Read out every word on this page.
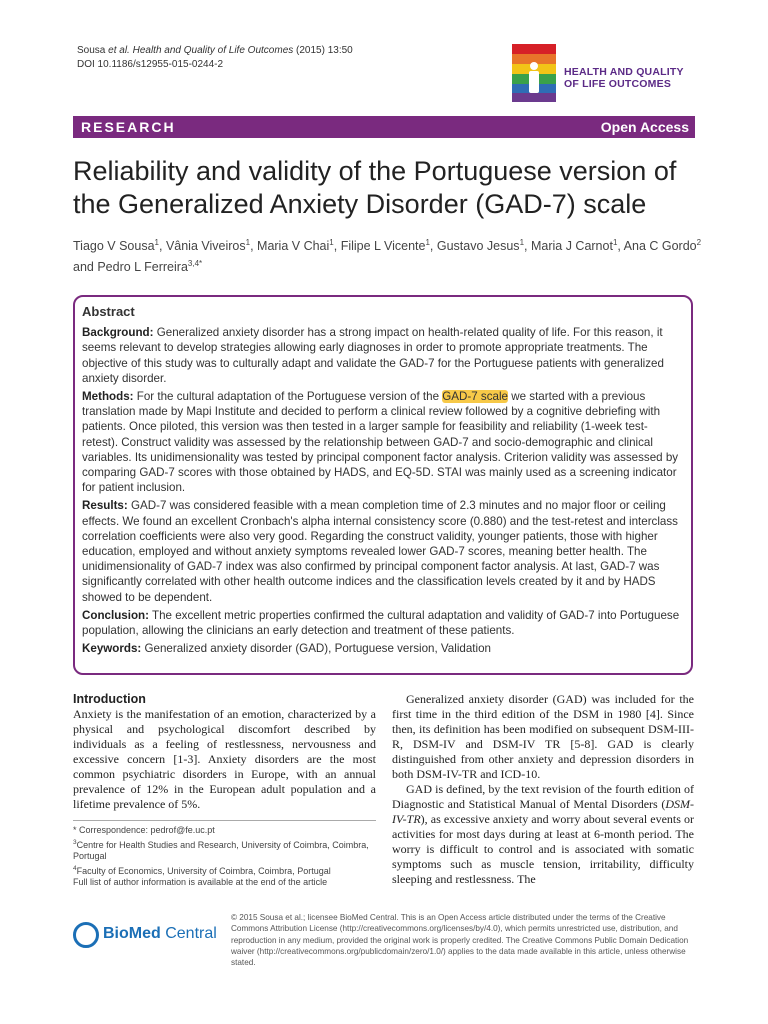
Sousa et al. Health and Quality of Life Outcomes (2015) 13:50
DOI 10.1186/s12955-015-0244-2
HEALTH AND QUALITY
OF LIFE OUTCOMES
RESEARCH	Open Access
Reliability and validity of the Portuguese version of the Generalized Anxiety Disorder (GAD-7) scale
Tiago V Sousa$^1$, Vânia Viveiros$^1$, Maria V Chai$^1$, Filipe L Vicente$^1$, Gustavo Jesus$^1$, Maria J Carnot$^1$, Ana C Gordo$^2$
and Pedro L Ferreira$^{3,4*}$

Abstract

Background: Generalized anxiety disorder has a strong impact on health-related quality of life. For this reason, it seems relevant to develop strategies allowing early diagnoses in order to promote appropriate treatments. The objective of this study was to culturally adapt and validate the GAD-7 for the Portuguese patients with generalized anxiety disorder.

Methods: For the cultural adaptation of the Portuguese version of the GAD-7 scale we started with a previous translation made by Mapi Institute and decided to perform a clinical review followed by a cognitive debriefing with patients. Once piloted, this version was then tested in a larger sample for feasibility and reliability (1-week test-retest). Construct validity was assessed by the relationship between GAD-7 and socio-demographic and clinical variables. Its unidimensionality was tested by principal component factor analysis. Criterion validity was assessed by comparing GAD-7 scores with those obtained by HADS, and EQ-5D. STAI was mainly used as a screening indicator for patient inclusion.

Results: GAD-7 was considered feasible with a mean completion time of 2.3 minutes and no major floor or ceiling effects. We found an excellent Cronbach's alpha internal consistency score (0.880) and the test-retest and interclass correlation coefficients were also very good. Regarding the construct validity, younger patients, those with higher education, employed and without anxiety symptoms revealed lower GAD-7 scores, meaning better health. The unidimensionality of GAD-7 index was also confirmed by principal component factor analysis. At last, GAD-7 was significantly correlated with other health outcome indices and the classification levels created by it and by HADS showed to be dependent.

Conclusion: The excellent metric properties confirmed the cultural adaptation and validity of GAD-7 into Portuguese population, allowing the clinicians an early detection and treatment of these patients.

Keywords: Generalized anxiety disorder (GAD), Portuguese version, Validation

Introduction

Anxiety is the manifestation of an emotion, characterized by a physical and psychological discomfort described by individuals as a feeling of restlessness, nervousness and excessive concern [1-3]. Anxiety disorders are the most common psychiatric disorders in Europe, with an annual prevalence of 12% in the European adult population and a lifetime prevalence of 5%.

Generalized anxiety disorder (GAD) was included for the first time in the third edition of the DSM in 1980 [4]. Since then, its definition has been modified on subsequent DSM-III-R, DSM-IV and DSM-IV TR [5-8]. GAD is clearly distinguished from other anxiety and depression disorders in both DSM-IV-TR and ICD-10.

GAD is defined, by the text revision of the fourth edition of Diagnostic and Statistical Manual of Mental Disorders (DSM-IV-TR), as excessive anxiety and worry about several events or activities for most days during at least at 6-month period. The worry is difficult to control and is associated with somatic symptoms such as muscle tension, irritability, difficulty sleeping and restlessness. The

* Correspondence: pedrof@fe.uc.pt
$^3$Centre for Health Studies and Research, University of Coimbra, Coimbra, Portugal
$^4$Faculty of Economics, University of Coimbra, Coimbra, Portugal
Full list of author information is available at the end of the article
BioMed Central
© 2015 Sousa et al.; licensee BioMed Central. This is an Open Access article distributed under the terms of the Creative Commons Attribution License (http://creativecommons.org/licenses/by/4.0), which permits unrestricted use, distribution, and reproduction in any medium, provided the original work is properly credited. The Creative Commons Public Domain Dedication waiver (http://creativecommons.org/publicdomain/zero/1.0/) applies to the data made available in this article, unless otherwise stated.
